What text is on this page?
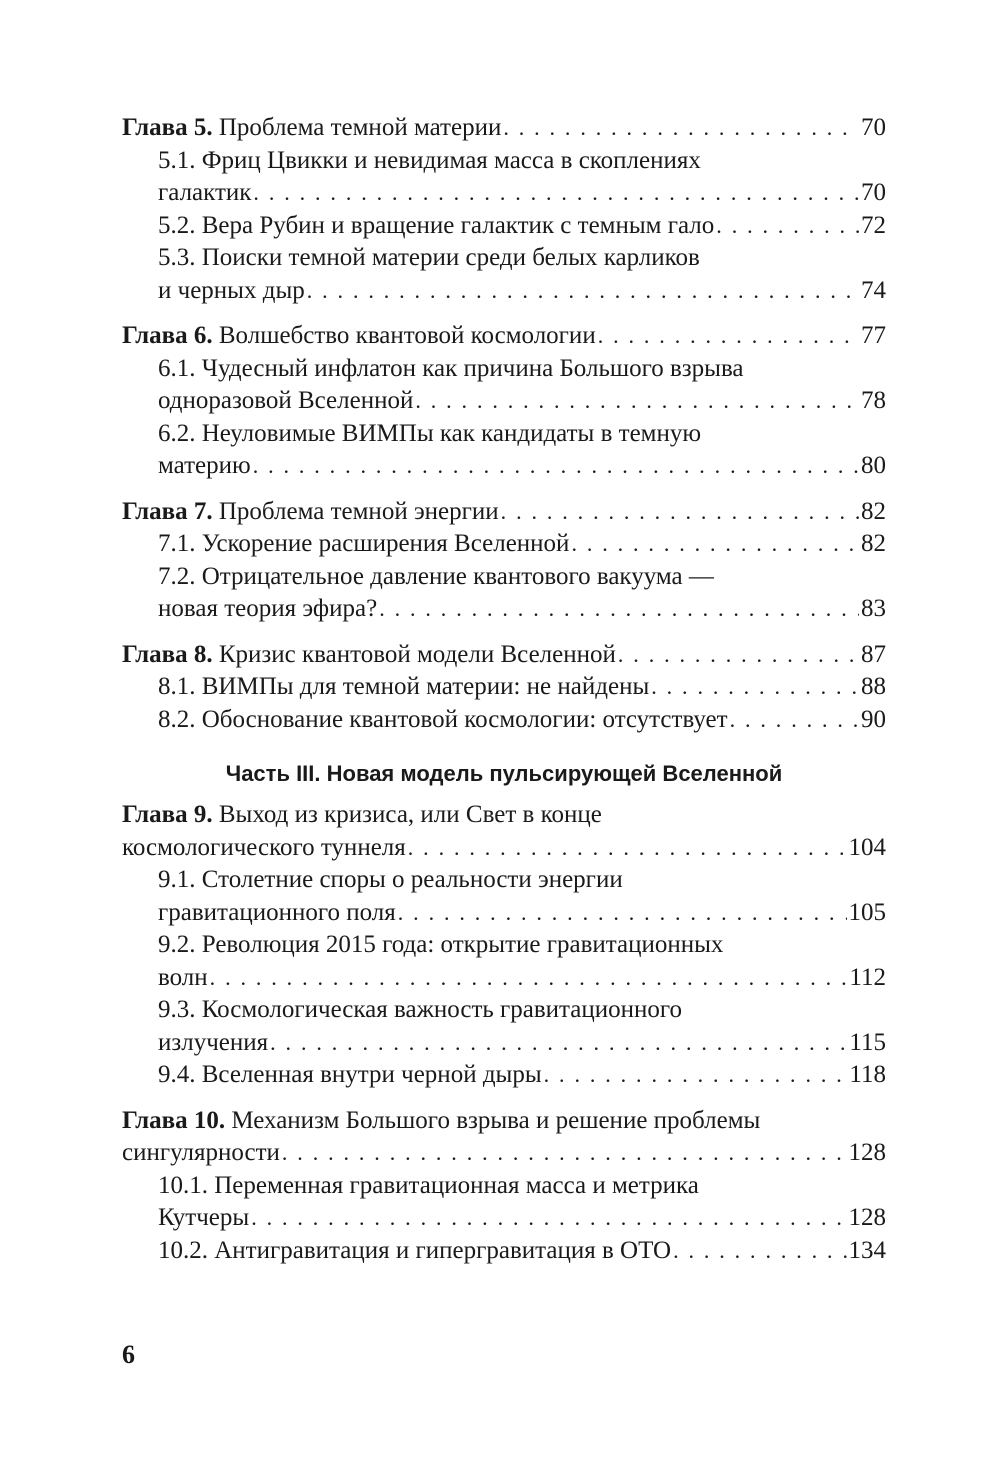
Глава 5. Проблема темной материи . . .	70
5.1. Фриц Цвикки и невидимая масса в скоплениях
галактик . . .	70
5.2. Вера Рубин и вращение галактик с темным гало . . .	72
5.3. Поиски темной материи среди белых карликов
и черных дыр . . .	74
Глава 6. Волшебство квантовой космологии . . .	77
6.1. Чудесный инфлатон как причина Большого взрыва
одноразовой Вселенной . . .	78
6.2. Неуловимые ВИМПы как кандидаты в темную
материю . . .	80
Глава 7. Проблема темной энергии . . .	82
7.1. Ускорение расширения Вселенной . . .	82
7.2. Отрицательное давление квантового вакуума —
новая теория эфира? . . .	83
Глава 8. Кризис квантовой модели Вселенной . . .	87
8.1. ВИМПы для темной материи: не найдены . . .	88
8.2. Обоснование квантовой космологии: отсутствует . . .	90
Часть III. Новая модель пульсирующей Вселенной
Глава 9. Выход из кризиса, или Свет в конце
космологического туннеля . . .	104
9.1. Столетние споры о реальности энергии
гравитационного поля . . .	105
9.2. Революция 2015 года: открытие гравитационных
волн . . .	112
9.3. Космологическая важность гравитационного
излучения . . .	115
9.4. Вселенная внутри черной дыры . . .	118
Глава 10. Механизм Большого взрыва и решение проблемы
сингулярности . . .	128
10.1. Переменная гравитационная масса и метрика
Кутчеры . . .	128
10.2. Антигравитация и гипергравитация в ОТО . . .	134
6
